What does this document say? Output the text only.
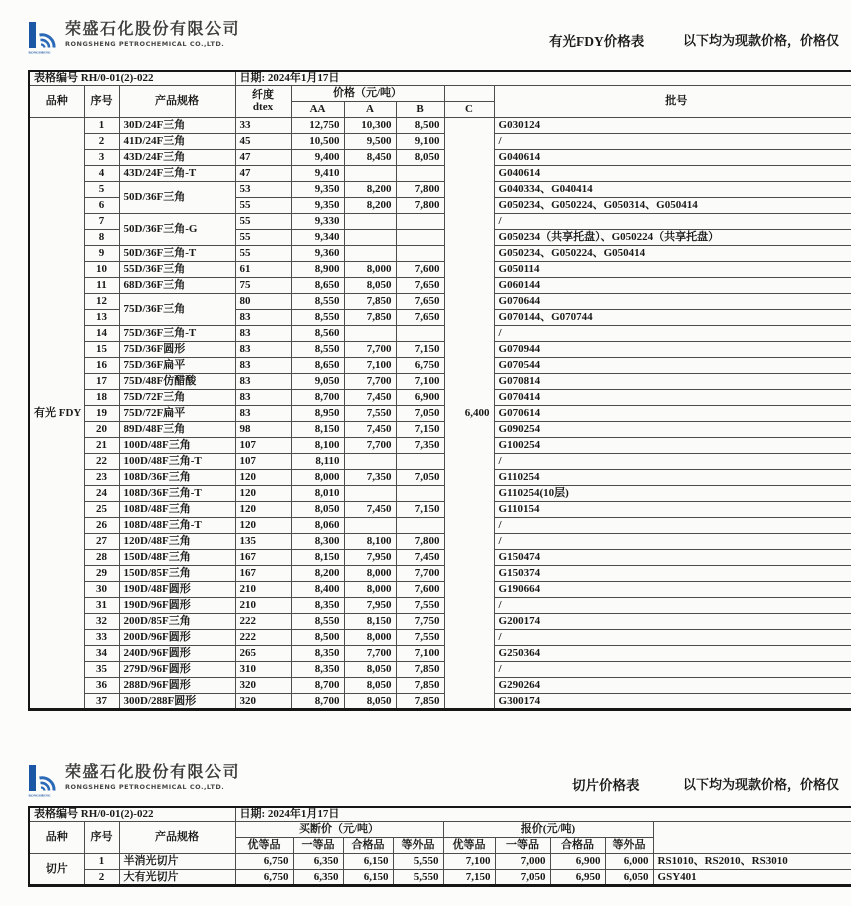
RONGSHENG
荣盛石化股份有限公司
RONGSHENG PETROCHEMICAL CO.,LTD.	有光FDY价格表	以下均为现款价格，价格仅
表格编号 RH/0-01(2)-022			日期: 2024年1月17日					
品种	序号	产品规格	纤度
dtex	价格（元/吨）				批号
				AA	A	B	C	
有光 FDY	1	30D/24F三角	33	12,750	10,300	8,500	6,400	G030124
	2	41D/24F三角	45	10,500	9,500	9,100		/
	3	43D/24F三角	47	9,400	8,450	8,050		G040614
	4	43D/24F三角-T	47	9,410				G040614
	5	50D/36F三角	53	9,350	8,200	7,800		G040334、G040414
	6		55	9,350	8,200	7,800		G050234、G050224、G050314、G050414
	7	50D/36F三角-G	55	9,330				/
	8		55	9,340				G050234（共享托盘）、G050224（共享托盘）
	9	50D/36F三角-T	55	9,360				G050234、G050224、G050414
	10	55D/36F三角	61	8,900	8,000	7,600		G050114
	11	68D/36F三角	75	8,650	8,050	7,650		G060144
	12	75D/36F三角	80	8,550	7,850	7,650		G070644
	13		83	8,550	7,850	7,650		G070144、G070744
	14	75D/36F三角-T	83	8,560				/
	15	75D/36F圆形	83	8,550	7,700	7,150		G070944
	16	75D/36F扁平	83	8,650	7,100	6,750		G070544
	17	75D/48F仿醋酸	83	9,050	7,700	7,100		G070814
	18	75D/72F三角	83	8,700	7,450	6,900		G070414
	19	75D/72F扁平	83	8,950	7,550	7,050		G070614
	20	89D/48F三角	98	8,150	7,450	7,150		G090254
	21	100D/48F三角	107	8,100	7,700	7,350		G100254
	22	100D/48F三角-T	107	8,110				/
	23	108D/36F三角	120	8,000	7,350	7,050		G110254
	24	108D/36F三角-T	120	8,010				G110254(10层)
	25	108D/48F三角	120	8,050	7,450	7,150		G110154
	26	108D/48F三角-T	120	8,060				/
	27	120D/48F三角	135	8,300	8,100	7,800		/
	28	150D/48F三角	167	8,150	7,950	7,450		G150474
	29	150D/85F三角	167	8,200	8,000	7,700		G150374
	30	190D/48F圆形	210	8,400	8,000	7,600		G190664
	31	190D/96F圆形	210	8,350	7,950	7,550		/
	32	200D/85F三角	222	8,550	8,150	7,750		G200174
	33	200D/96F圆形	222	8,500	8,000	7,550		/
	34	240D/96F圆形	265	8,350	7,700	7,100		G250364
	35	279D/96F圆形	310	8,350	8,050	7,850		/
	36	288D/96F圆形	320	8,700	8,050	7,850		G290264
	37	300D/288F圆形	320	8,700	8,050	7,850		G300174
RONGSHENG
荣盛石化股份有限公司
RONGSHENG PETROCHEMICAL CO.,LTD.	切片价格表	以下均为现款价格，价格仅
表格编号 RH/0-01(2)-022			日期: 2024年1月17日								
品种	序号	产品规格	买断价（元/吨）				报价(元/吨)				
			优等品	一等品	合格品	等外品	优等品	一等品	合格品	等外品	
切片	1	半消光切片	6,750	6,350	6,150	5,550	7,100	7,000	6,900	6,000	RS1010、RS2010、RS3010
	2	大有光切片	6,750	6,350	6,150	5,550	7,150	7,050	6,950	6,050	GSY401
